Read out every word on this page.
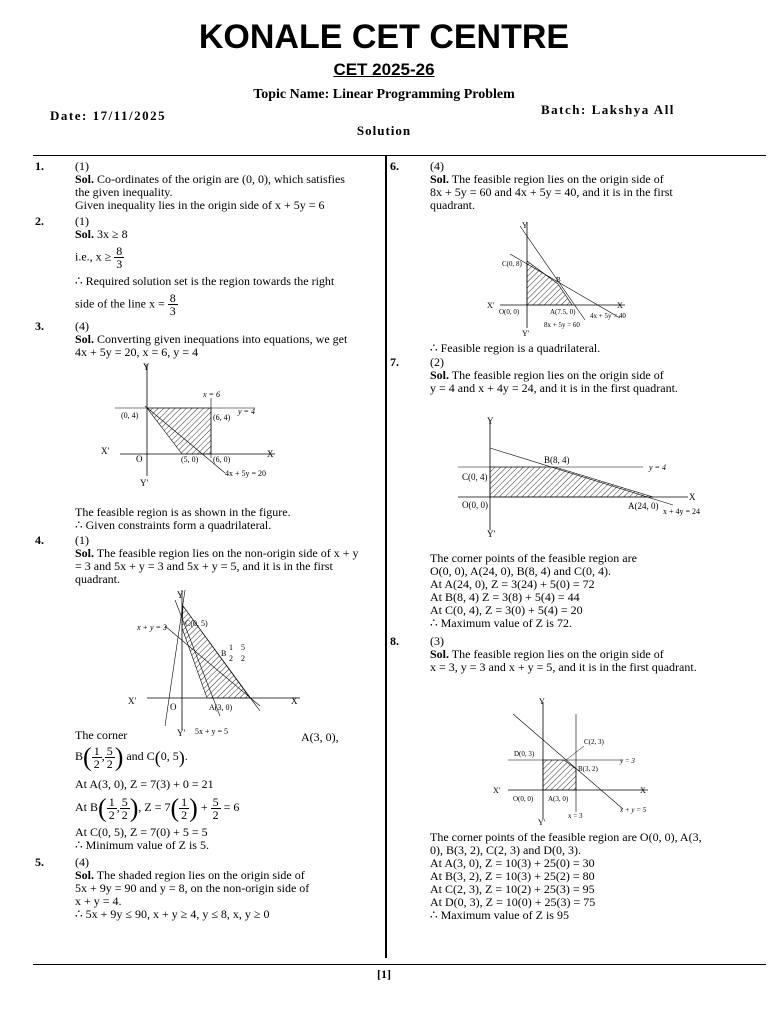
KONALE CET CENTRE
CET 2025-26
Topic Name: Linear Programming Problem
Date: 17/11/2025	Batch: Lakshya All
Solution
[1]
1.	(1)
Sol. Co-ordinates of the origin are (0, 0), which satisfies
the given inequality.
Given inequality lies in the origin side of x + 5y = 6
2.	(1)
Sol. 3x ≥ 8
i.e., $x \ge \frac{8}{3}$
∴ Required solution set is the region towards the right
side of the line $x = \frac{8}{3}$
3.	(4)
Sol. Converting given inequations into equations, we get
4x + 5y = 20, x = 6, y = 4
Y
Y′
X
X′
O
x = 6
y = 4
(0, 4)	(6, 4)
(5, 0) (6, 0)
4x + 5y = 20
The feasible region is as shown in the figure.
∴ Given constraints form a quadrilateral.
4.	(1)
Sol. The feasible region lies on the non-origin side of x + y
= 3 and 5x + y = 3 and 5x + y = 5, and it is in the first
quadrant.
Y
Y′
X
X′
O
C(0, 5)
x + y = 3
B
1
2
5
2
A(3, 0)
5x + y = 5
The corner	A(3, 0),
$B( \frac{1}{2}$ , $\frac{5}{2}$ ) and C(0, 5).
At A(3, 0), Z = 7(3) + 0 = 21
At $B( \frac{1}{2}$ , $\frac{5}{2}$ ), $Z = 7( \frac{1}{2}$ ) + $\frac{5}{2} = 6$
At C(0, 5), Z = 7(0) + 5 = 5
∴ Minimum value of Z is 5.
5.	(4)
Sol. The shaded region lies on the origin side of
5x + 9y = 90 and y = 8, on the non-origin side of
x + y = 4.
∴ 5x + 9y ≤ 90, x + y ≥ 4, y ≤ 8, x, y ≥ 0
6.	(4)
Sol. The feasible region lies on the origin side of
8x + 5y = 60 and 4x + 5y = 40, and it is in the first
quadrant.
Y
Y′
X
X′
C(0, 8)
B
O(0, 0)	A(7.5, 0) 4x + 5y = 40
8x + 5y = 60
∴ Feasible region is a quadrilateral.
7.	(2)
Sol. The feasible region lies on the origin side of
y = 4 and x + 4y = 24, and it is in the first quadrant.
Y
Y′
X
B(8, 4)
y = 4
C(0, 4)
O(0, 0)	A(24, 0)
x + 4y = 24
The corner points of the feasible region are
O(0, 0), A(24, 0), B(8, 4) and C(0, 4).
At A(24, 0), Z = 3(24) + 5(0) = 72
At B(8, 4) Z = 3(8) + 5(4) = 44
At C(0, 4), Z = 3(0) + 5(4) = 20
∴ Maximum value of Z is 72.
8.	(3)
Sol. The feasible region lies on the origin side of
x = 3, y = 3 and x + y = 5, and it is in the first quadrant.
Y
Y′
X
X′
C(2, 3)
D(0, 3)
y = 3
B(3, 2)
O(0, 0) A(3, 0)
x + y = 5
x = 3
The corner points of the feasible region are O(0, 0), A(3,
0), B(3, 2), C(2, 3) and D(0, 3).
At A(3, 0), Z = 10(3) + 25(0) = 30
At B(3, 2), Z = 10(3) + 25(2) = 80
At C(2, 3), Z = 10(2) + 25(3) = 95
At D(0, 3), Z = 10(0) + 25(3) = 75
∴ Maximum value of Z is 95
